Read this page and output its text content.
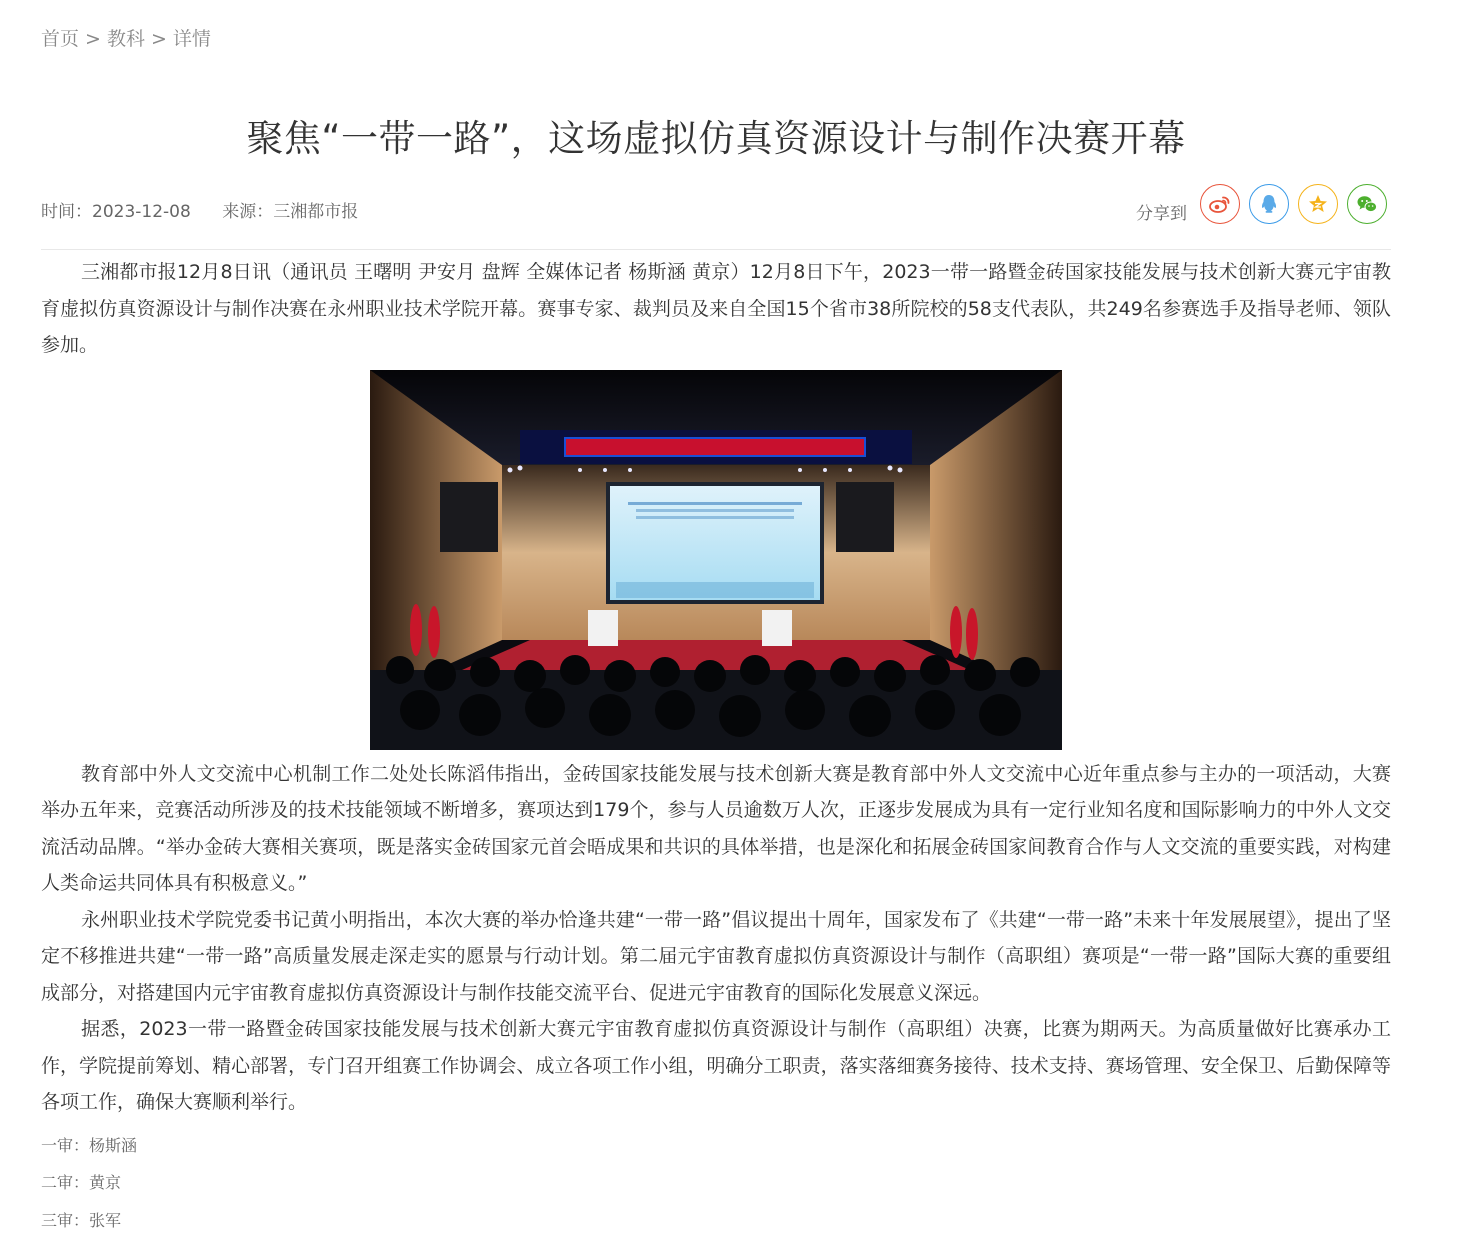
首页 > 教科 > 详情
聚焦“一带一路”，这场虚拟仿真资源设计与制作决赛开幕
时间：2023-12-08 来源：三湘都市报	分享到

三湘都市报12月8日讯（通讯员 王曙明 尹安月 盘辉 全媒体记者 杨斯涵 黄京）12月8日下午，2023一带一路暨金砖国家技能发展与技术创新大赛元宇宙教育虚拟仿真资源设计与制作决赛在永州职业技术学院开幕。赛事专家、裁判员及来自全国15个省市38所院校的58支代表队，共249名参赛选手及指导老师、领队参加。

教育部中外人文交流中心机制工作二处处长陈滔伟指出，金砖国家技能发展与技术创新大赛是教育部中外人文交流中心近年重点参与主办的一项活动，大赛举办五年来，竞赛活动所涉及的技术技能领域不断增多，赛项达到179个，参与人员逾数万人次，正逐步发展成为具有一定行业知名度和国际影响力的中外人文交流活动品牌。“举办金砖大赛相关赛项，既是落实金砖国家元首会晤成果和共识的具体举措，也是深化和拓展金砖国家间教育合作与人文交流的重要实践，对构建人类命运共同体具有积极意义。”

永州职业技术学院党委书记黄小明指出，本次大赛的举办恰逢共建“一带一路”倡议提出十周年，国家发布了《共建“一带一路”未来十年发展展望》，提出了坚定不移推进共建“一带一路”高质量发展走深走实的愿景与行动计划。第二届元宇宙教育虚拟仿真资源设计与制作（高职组）赛项是“一带一路”国际大赛的重要组成部分，对搭建国内元宇宙教育虚拟仿真资源设计与制作技能交流平台、促进元宇宙教育的国际化发展意义深远。

据悉，2023一带一路暨金砖国家技能发展与技术创新大赛元宇宙教育虚拟仿真资源设计与制作（高职组）决赛，比赛为期两天。为高质量做好比赛承办工作，学院提前筹划、精心部署，专门召开组赛工作协调会、成立各项工作小组，明确分工职责，落实落细赛务接待、技术支持、赛场管理、安全保卫、后勤保障等各项工作，确保大赛顺利举行。

一审：杨斯涵
二审：黄京
三审：张军
